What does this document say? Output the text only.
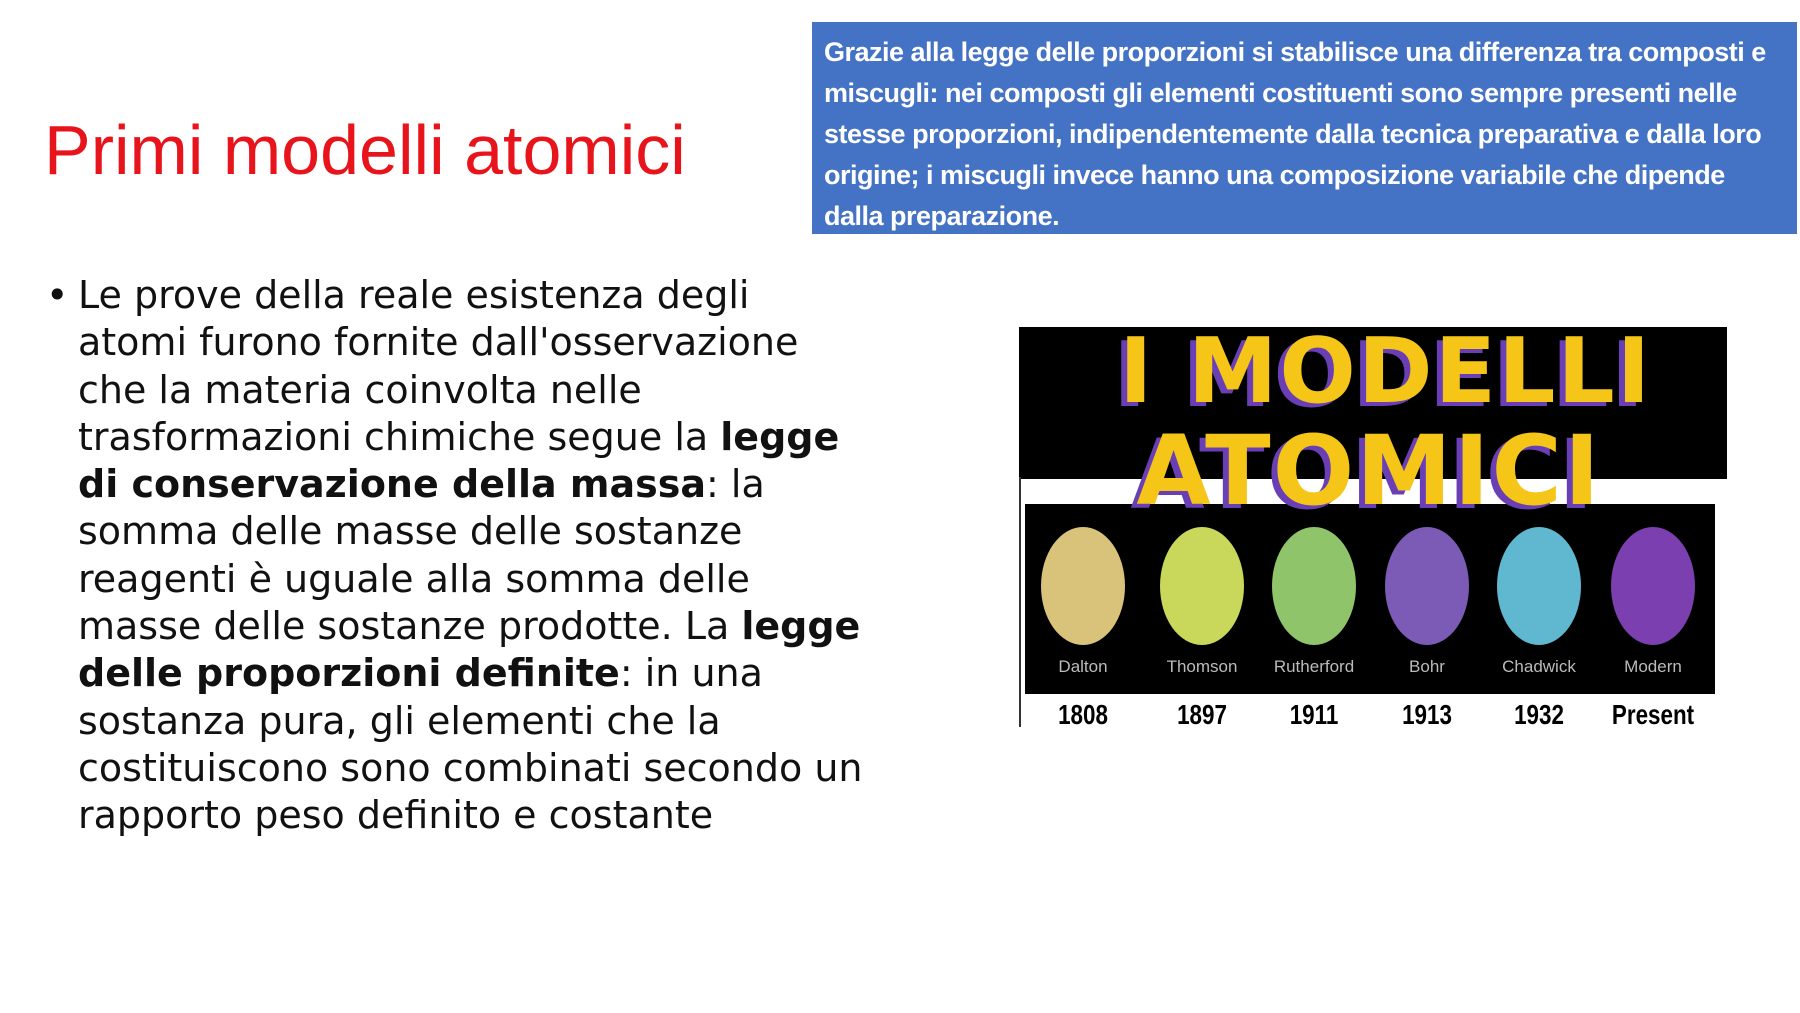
Primi modelli atomici
Grazie alla legge delle proporzioni si stabilisce una differenza tra composti e miscugli: nei composti gli elementi costituenti sono sempre presenti nelle stesse proporzioni, indipendentemente dalla tecnica preparativa e dalla loro origine; i miscugli invece hanno una composizione variabile che dipende dalla preparazione.
• Le prove della reale esistenza degli atomi furono fornite dall'osservazione che la materia coinvolta nelle trasformazioni chimiche segue la legge di conservazione della massa: la somma delle masse delle sostanze reagenti è uguale alla somma delle masse delle sostanze prodotte. La legge delle proporzioni definite: in una sostanza pura, gli elementi che la costituiscono sono combinati secondo un rapporto peso definito e costante
Dalton
1808
Thomson
1897
Rutherford
1911
Bohr
1913
Chadwick
1932
Modern
Present
I MODELLI
ATOMICI
